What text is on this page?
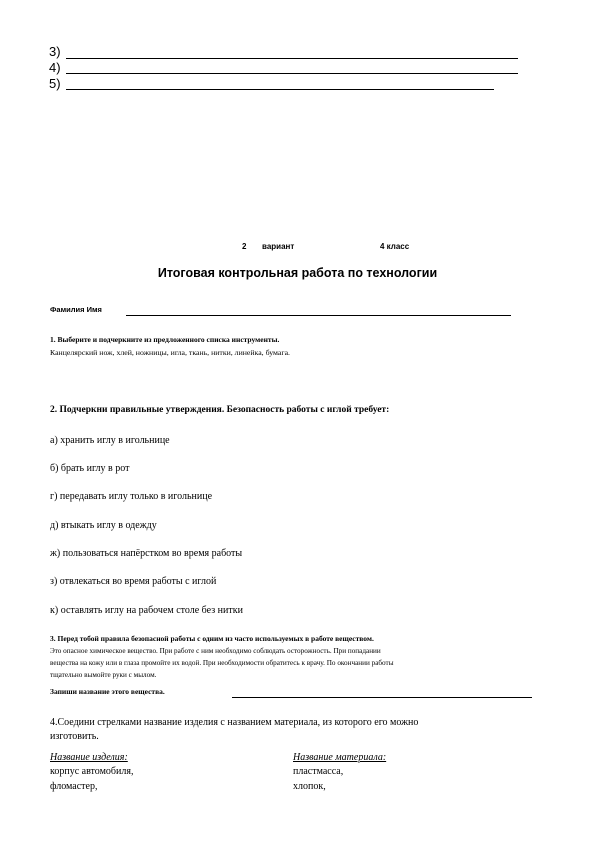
3)
4)
5)
2 вариант	4 класс
Итоговая контрольная работа по технологии
Фамилия Имя
1. Выберите и подчеркните из предложенного списка инструменты.
Канцелярский нож, хлей, ножницы, игла, ткань, нитки, линейка, бумага.
2. Подчеркни правильные утверждения. Безопасность работы с иглой требует:
а) хранить иглу в игольнице
б) брать иглу в рот
г) передавать иглу только в игольнице
д) втыкать иглу в одежду
ж) пользоваться напёрстком во время работы
з) отвлекаться во время работы с иглой
к) оставлять иглу на рабочем столе без нитки
3. Перед тобой правила безопасной работы с одним из часто используемых в работе веществом.
Это опасное химическое вещество. При работе с ним необходимо соблюдать осторожность. При попадании
вещества на кожу или в глаза промойте их водой. При необходимости обратитесь к врачу. По окончании работы
тщательно вымойте руки с мылом.
Запиши название этого вещества.
4.Соедини стрелками название изделия с названием материала, из которого его можно
изготовить.
Название изделия:	Название материала:
корпус автомобиля,
фломастер,
пластмасса,
хлопок,
